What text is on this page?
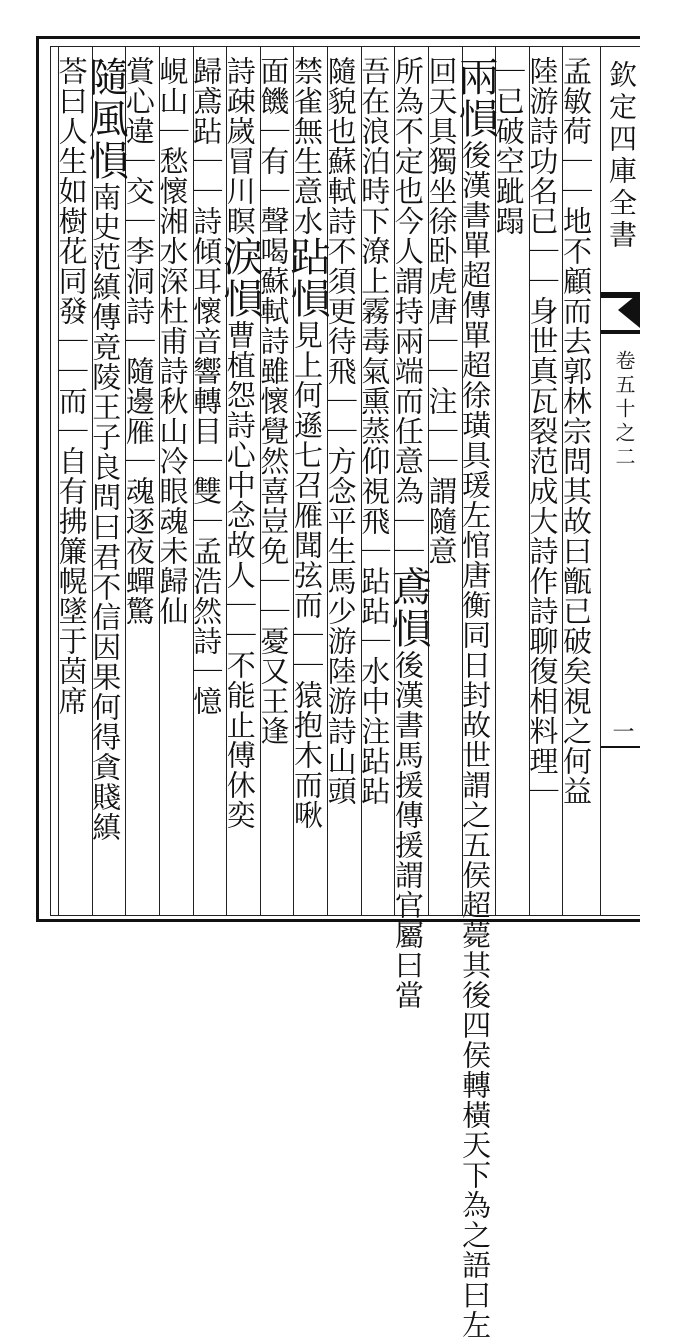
欽定四庫全書
卷五十之二
一
孟敏荷｜｜地不顧而去郭林宗問其故曰甑已破矣視之何益
陸游詩功名已｜｜身世真瓦裂范成大詩作詩聊復相料理｜
｜已破空跐蹋
兩愪後漢書單超傳單超徐璜具瑗左悺唐衡同日封故世謂之五侯超薨其後四侯轉橫天下為之語曰左
回天具獨坐徐卧虎唐｜｜注｜｜謂隨意
所為不定也今人謂持兩端而任意為｜｜鳶愪後漢書馬援傳援謂官屬曰當
吾在浪泊時下潦上霧毒氣熏蒸仰視飛｜跕跕｜水中注跕跕
隨貌也蘇軾詩不須更待飛｜｜方念平生馬少游陸游詩山頭
禁雀無生意水跕愪見上何遜七召雁聞弦而｜｜猿抱木而啾
面饑｜有｜聲喝蘇軾詩雖懷覺然喜豈免｜｜憂又王逢
詩疎嵗冒川瞑淚愪曹植怨詩心中念故人｜｜不能止傅休奕
歸鳶跕｜｜詩傾耳懷音響轉目｜雙｜孟浩然詩｜憶
峴山｜愁懷湘水深杜甫詩秋山冷眼魂未歸仙
賞心違｜交｜李洞詩｜隨邊雁｜魂逐夜蟬驚
隨風愪南史范縝傳竟陵王子良問曰君不信因果何得貪賤縝
荅曰人生如樹花同發｜｜而｜自有拂簾幌墜于茵席
